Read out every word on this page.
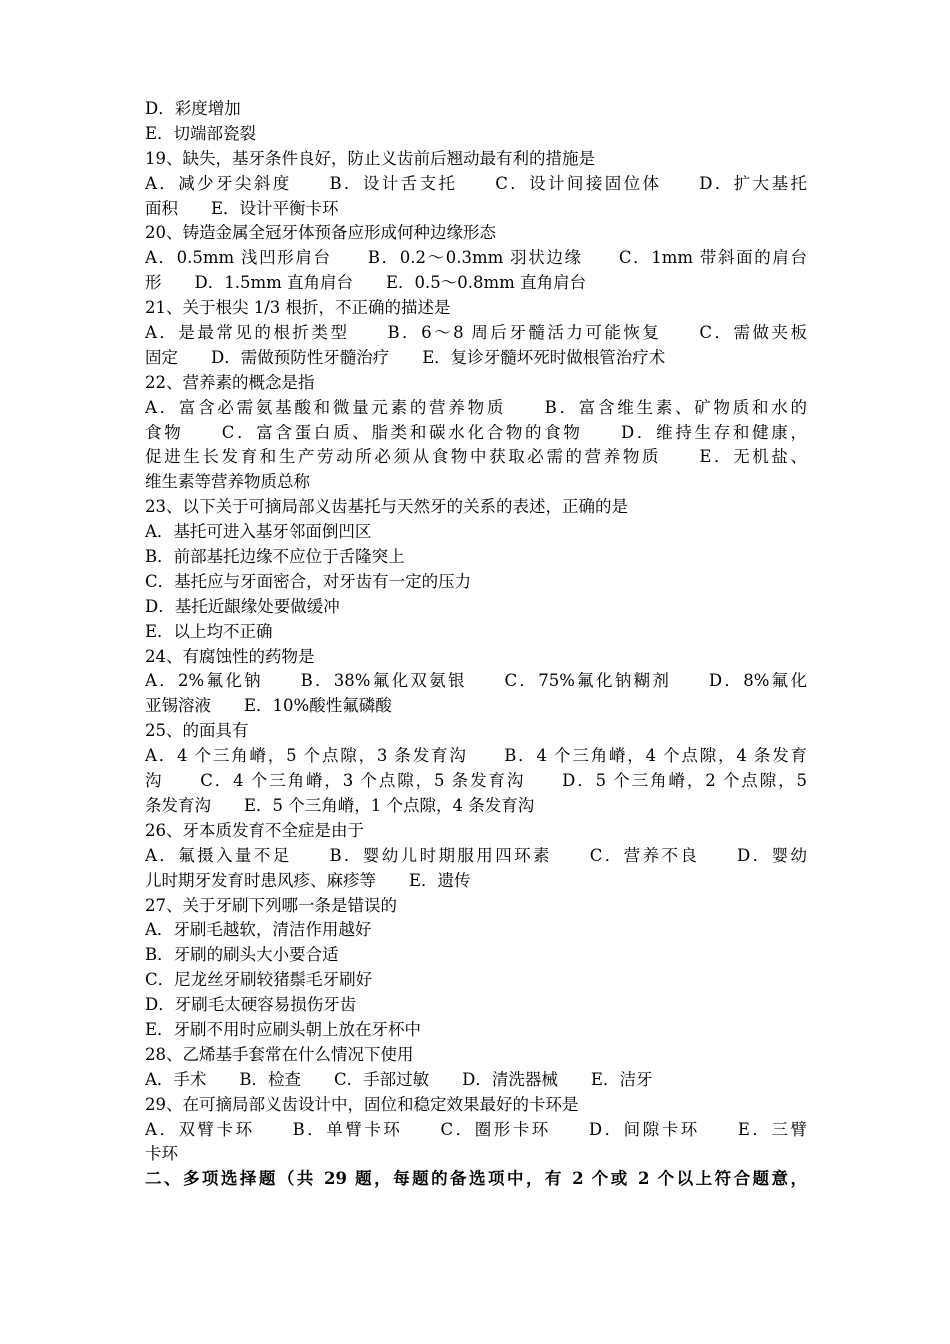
D．彩度增加
E．切端部瓷裂
19、缺失，基牙条件良好，防止义齿前后翘动最有利的措施是
A．减少牙尖斜度　　B．设计舌支托　　C．设计间接固位体　　D．扩大基托
面积　　E．设计平衡卡环
20、铸造金属全冠牙体预备应形成何种边缘形态
A．0.5mm 浅凹形肩台　　B．0.2～0.3mm 羽状边缘　　C．1mm 带斜面的肩台
形　　D．1.5mm 直角肩台　　E．0.5～0.8mm 直角肩台
21、关于根尖 1/3 根折，不正确的描述是
A．是最常见的根折类型　　B．6～8 周后牙髓活力可能恢复　　C．需做夹板
固定　　D．需做预防性牙髓治疗　　E．复诊牙髓坏死时做根管治疗术
22、营养素的概念是指
A．富含必需氨基酸和微量元素的营养物质　　B．富含维生素、矿物质和水的
食物　　C．富含蛋白质、脂类和碳水化合物的食物　　D．维持生存和健康，
促进生长发育和生产劳动所必须从食物中获取必需的营养物质　　E．无机盐、
维生素等营养物质总称
23、以下关于可摘局部义齿基托与天然牙的关系的表述，正确的是
A．基托可进入基牙邻面倒凹区
B．前部基托边缘不应位于舌隆突上
C．基托应与牙面密合，对牙齿有一定的压力
D．基托近龈缘处要做缓冲
E．以上均不正确
24、有腐蚀性的药物是
A．2%氟化钠　　B．38%氟化双氨银　　C．75%氟化钠糊剂　　D．8%氟化
亚锡溶液　　E．10%酸性氟磷酸
25、的面具有
A．4 个三角嵴，5 个点隙，3 条发育沟　　B．4 个三角嵴，4 个点隙，4 条发育
沟　　C．4 个三角嵴，3 个点隙，5 条发育沟　　D．5 个三角嵴，2 个点隙，5
条发育沟　　E．5 个三角嵴，1 个点隙，4 条发育沟
26、牙本质发育不全症是由于
A．氟摄入量不足　　B．婴幼儿时期服用四环素　　C．营养不良　　D．婴幼
儿时期牙发育时患风疹、麻疹等　　E．遗传
27、关于牙刷下列哪一条是错误的
A．牙刷毛越软，清洁作用越好
B．牙刷的刷头大小要合适
C．尼龙丝牙刷较猪鬃毛牙刷好
D．牙刷毛太硬容易损伤牙齿
E．牙刷不用时应刷头朝上放在牙杯中
28、乙烯基手套常在什么情况下使用
A．手术　　B．检查　　C．手部过敏　　D．清洗器械　　E．洁牙
29、在可摘局部义齿设计中，固位和稳定效果最好的卡环是
A．双臂卡环　　B．单臂卡环　　C．圈形卡环　　D．间隙卡环　　E．三臂
卡环
二、多项选择题（共 29 题，每题的备选项中，有 2 个或 2 个以上符合题意，
